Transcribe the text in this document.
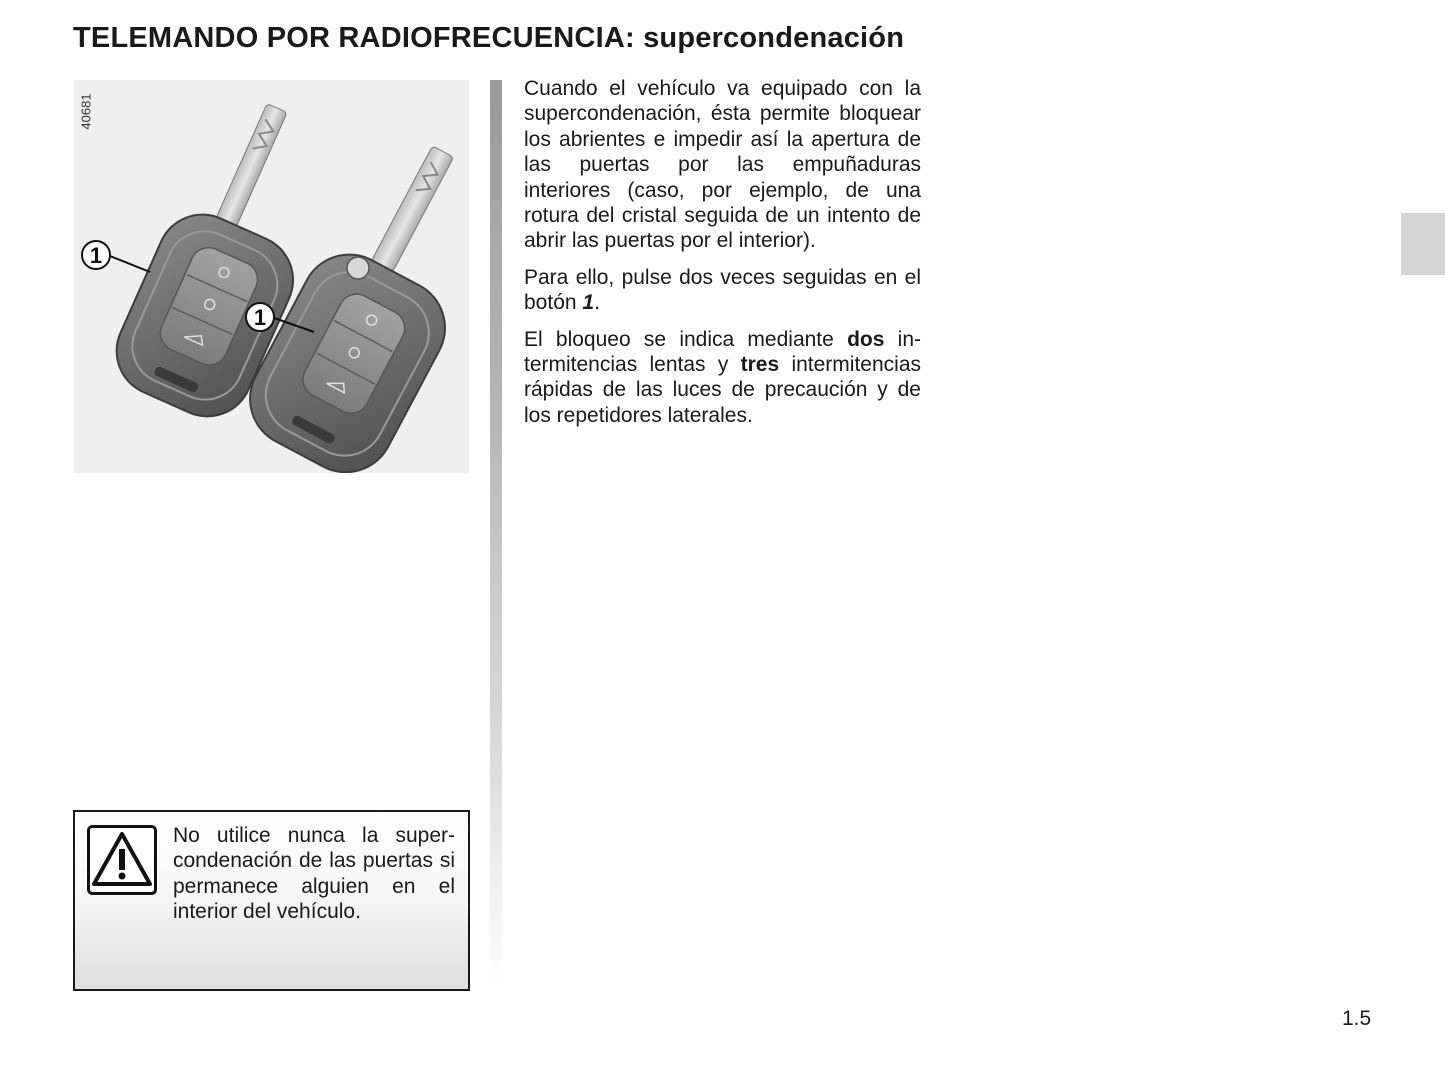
TELEMANDO POR RADIOFRECUENCIA: supercondenación
1
1
40681

Cuando el vehículo va equipado con la supercondenación, ésta permite bloquear los abrientes e impedir así la apertura de las puertas por las empuñaduras interiores (caso, por ejemplo, de una rotura del cristal seguida de un intento de abrir las puertas por el interior).

Para ello, pulse dos veces seguidas en el botón 1.

El bloqueo se indica mediante dos intermitencias lentas y tres intermitencias rápidas de las luces de precaución y de los repetidores laterales.

No utilice nunca la supercondenación de las puertas si permanece alguien en el interior del vehículo.

1.5
